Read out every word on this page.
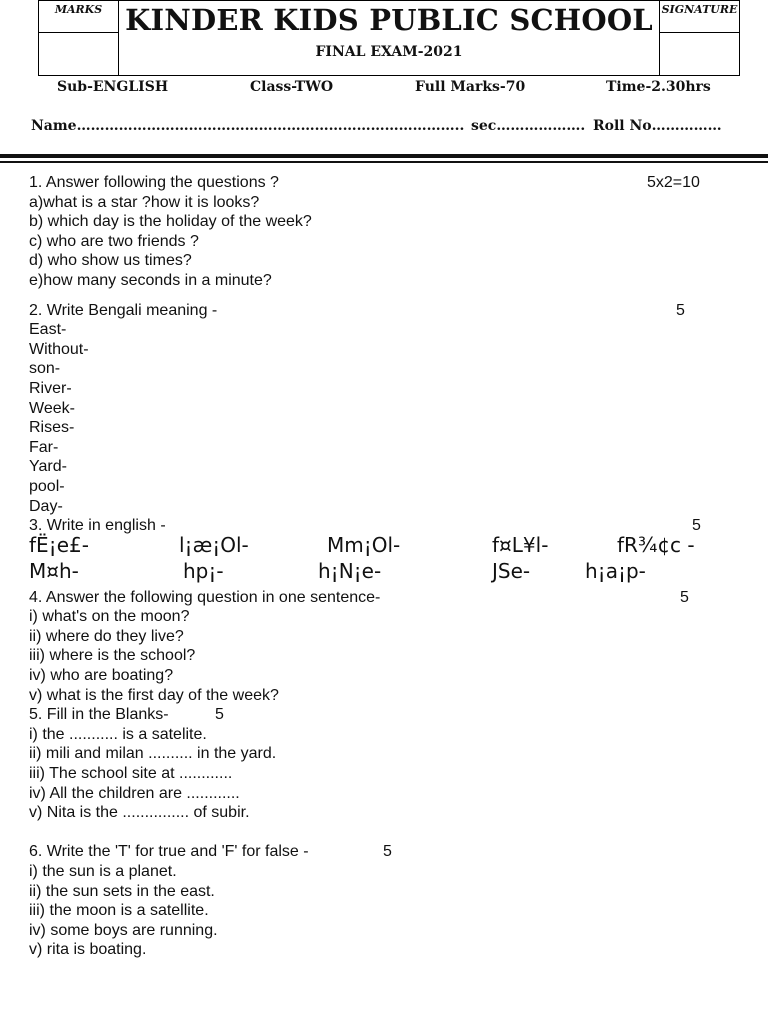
MARKS KINDER KIDS PUBLIC SCHOOL
FINAL EXAM-2021
SIGNATURE
Sub-ENGLISH	Class-TWO	Full Marks-70	Time-2.30hrs
Name……………………………………………………………………….. sec………………. Roll No……………
1. Answer following the questions ?	5x2=10
a)what is a star ?how it is looks?
b) which day is the holiday of the week?
c) who are two friends ?
d) who show us times?
e)how many seconds in a minute?
2. Write Bengali meaning -	5
East-
Without-
son-
River-
Week-
Rises-
Far-
Yard-
pool-
Day-
3. Write in english -	5
fË¡e£-	l¡æ¡Ol-	Mm¡Ol-	f¤L¥l-	fR¾¢c -
M¤h-	hp¡-	h¡N¡e-	JSe-	h¡a¡p-
4. Answer the following question in one sentence-	5
i) what's on the moon?
ii) where do they live?
iii) where is the school?
iv) who are boating?
v) what is the first day of the week?
5. Fill in the Blanks-	5
i) the ........... is a satelite.
ii) mili and milan .......... in the yard.
iii) The school site at ............
iv) All the children are ............
v) Nita is the ............... of subir.
6. Write the 'T' for true and 'F' for false -	5
i) the sun is a planet.
ii) the sun sets in the east.
iii) the moon is a satellite.
iv) some boys are running.
v) rita is boating.
